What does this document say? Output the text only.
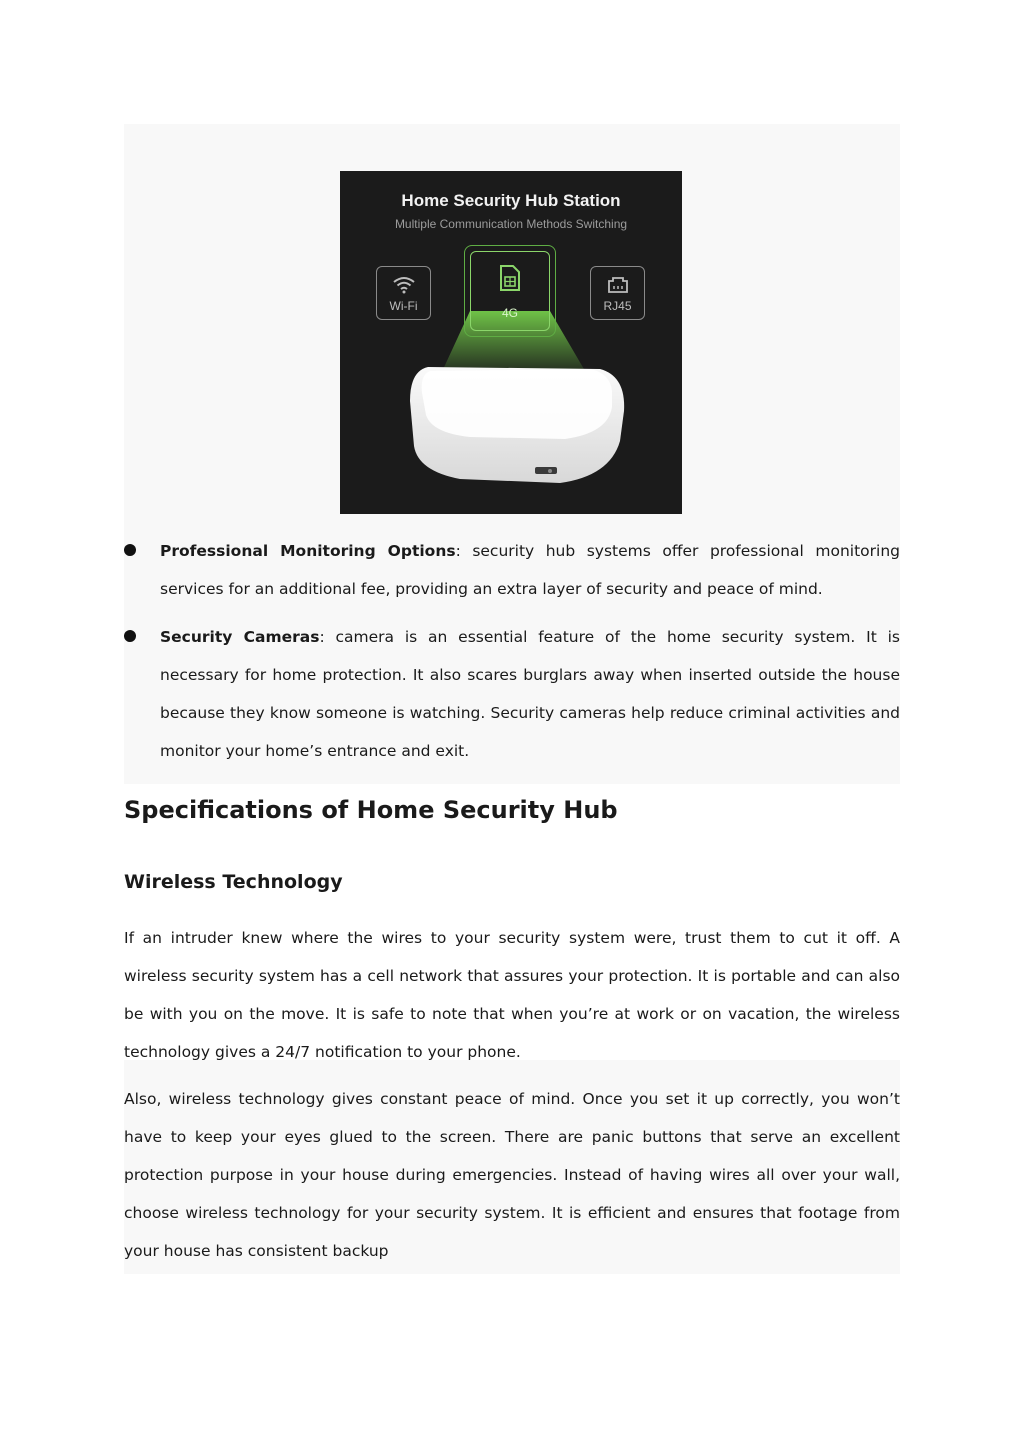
Home Security Hub Station
Multiple Communication Methods Switching
Wi-Fi	4G	RJ45
Professional Monitoring Options: security hub systems offer professional monitoring services for an additional fee, providing an extra layer of security and peace of mind.
Security Cameras: camera is an essential feature of the home security system. It is necessary for home protection. It also scares burglars away when inserted outside the house because they know someone is watching. Security cameras help reduce criminal activities and monitor your home’s entrance and exit.
Specifications of Home Security Hub
Wireless Technology

If an intruder knew where the wires to your security system were, trust them to cut it off. A wireless security system has a cell network that assures your protection. It is portable and can also be with you on the move. It is safe to note that when you’re at work or on vacation, the wireless technology gives a 24/7 notification to your phone.

Also, wireless technology gives constant peace of mind. Once you set it up correctly, you won’t have to keep your eyes glued to the screen. There are panic buttons that serve an excellent protection purpose in your house during emergencies. Instead of having wires all over your wall, choose wireless technology for your security system. It is efficient and ensures that footage from your house has consistent backup
